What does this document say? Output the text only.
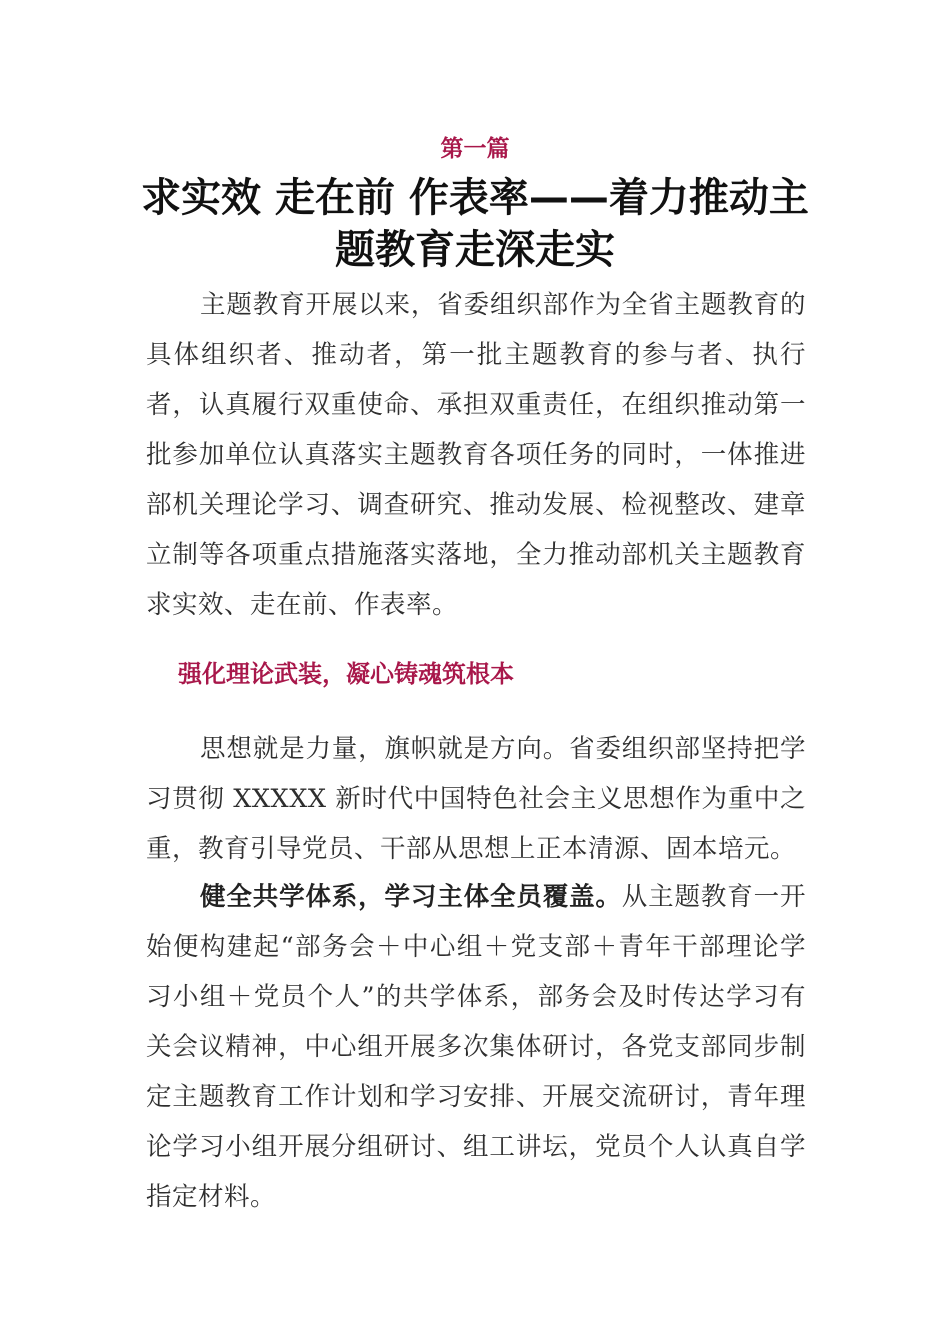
第一篇
求实效 走在前 作表率——着力推动主题教育走深走实

主题教育开展以来，省委组织部作为全省主题教育的具体组织者、推动者，第一批主题教育的参与者、执行者，认真履行双重使命、承担双重责任，在组织推动第一批参加单位认真落实主题教育各项任务的同时，一体推进部机关理论学习、调查研究、推动发展、检视整改、建章立制等各项重点措施落实落地，全力推动部机关主题教育求实效、走在前、作表率。

强化理论武装，凝心铸魂筑根本

思想就是力量，旗帜就是方向。省委组织部坚持把学习贯彻 XXXXX 新时代中国特色社会主义思想作为重中之重，教育引导党员、干部从思想上正本清源、固本培元。

健全共学体系，学习主体全员覆盖。从主题教育一开始便构建起“部务会＋中心组＋党支部＋青年干部理论学习小组＋党员个人”的共学体系，部务会及时传达学习有关会议精神，中心组开展多次集体研讨，各党支部同步制定主题教育工作计划和学习安排、开展交流研讨，青年理论学习小组开展分组研讨、组工讲坛，党员个人认真自学指定材料。
